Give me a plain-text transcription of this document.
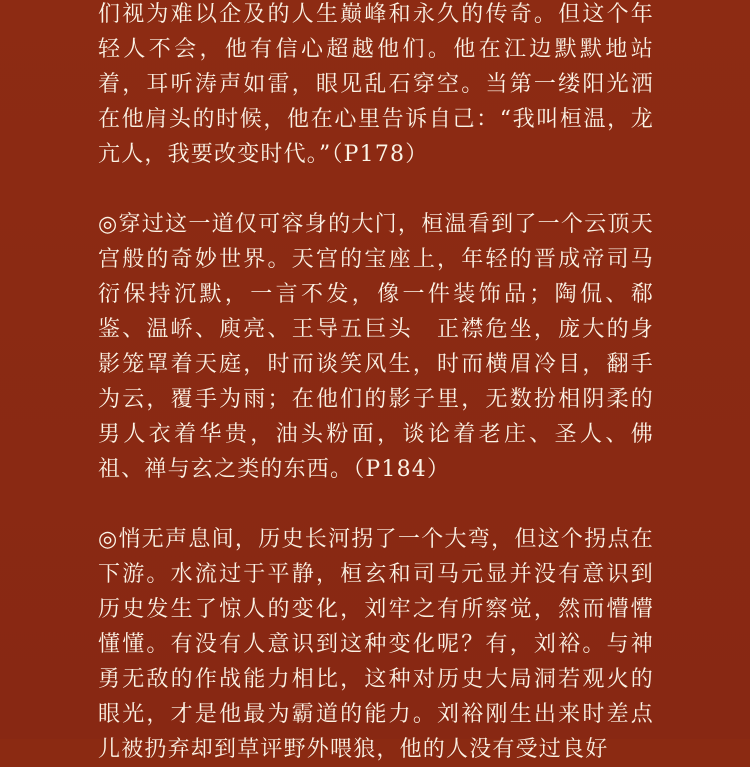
们视为难以企及的人生巅峰和永久的传奇。但这个年轻人不会，他有信心超越他们。他在江边默默地站着，耳听涛声如雷，眼见乱石穿空。当第一缕阳光洒在他肩头的时候，他在心里告诉自己：“我叫桓温，龙亢人，我要改变时代。”（P178）

◎穿过这一道仅可容身的大门，桓温看到了一个云顶天宫般的奇妙世界。天宫的宝座上，年轻的晋成帝司马衍保持沉默，一言不发，像一件装饰品；陶侃、郗鉴、温峤、庾亮、王导五巨头　正襟危坐，庞大的身影笼罩着天庭，时而谈笑风生，时而横眉冷目，翻手为云，覆手为雨；在他们的影子里，无数扮相阴柔的男人衣着华贵，油头粉面，谈论着老庄、圣人、佛祖、禅与玄之类的东西。（P184）

◎悄无声息间，历史长河拐了一个大弯，但这个拐点在下游。水流过于平静，桓玄和司马元显并没有意识到历史发生了惊人的变化，刘牢之有所察觉，然而懵懵懂懂。有没有人意识到这种变化呢？有，刘裕。与神勇无敌的作战能力相比，这种对历史大局洞若观火的眼光，才是他最为霸道的能力。刘裕刚生出来时差点儿被扔弃却到草评野外喂狼，他的人没有受过良好
